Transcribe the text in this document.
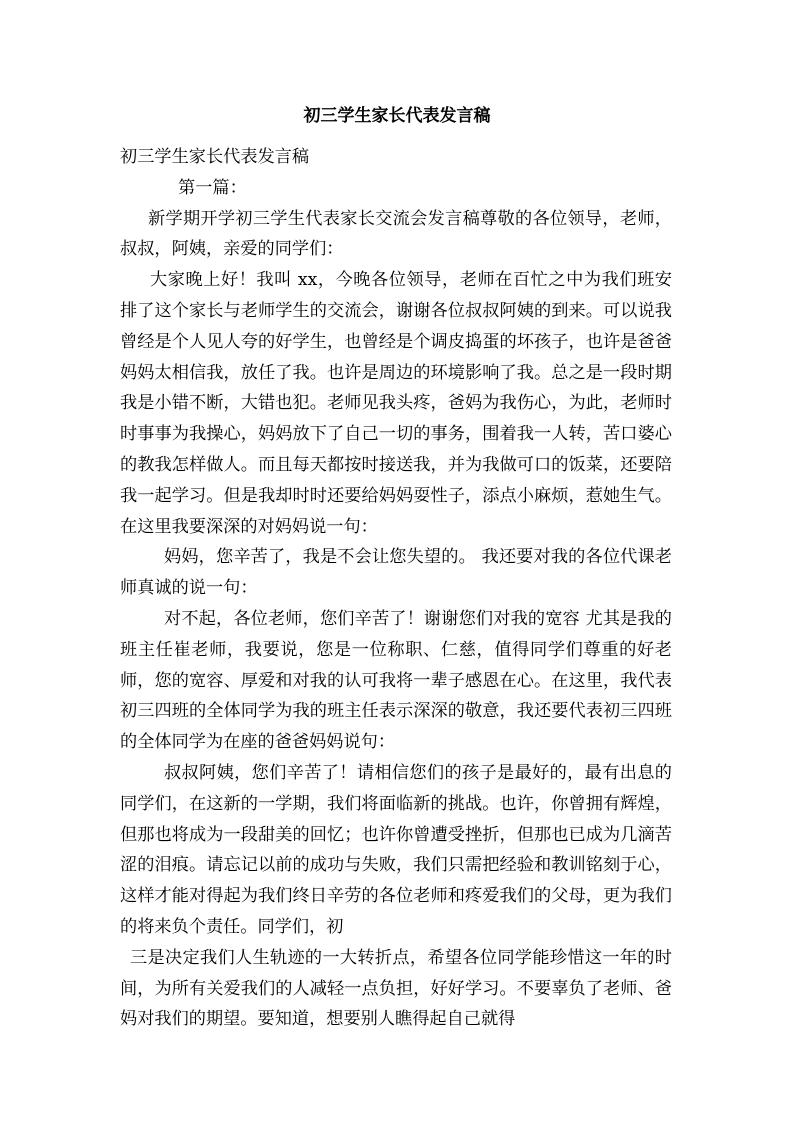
初三学生家长代表发言稿

初三学生家长代表发言稿

第一篇：

新学期开学初三学生代表家长交流会发言稿尊敬的各位领导，老师，叔叔，阿姨，亲爱的同学们：

大家晚上好！我叫 xx，今晚各位领导，老师在百忙之中为我们班安排了这个家长与老师学生的交流会，谢谢各位叔叔阿姨的到来。可以说我曾经是个人见人夸的好学生，也曾经是个调皮捣蛋的坏孩子，也许是爸爸妈妈太相信我，放任了我。也许是周边的环境影响了我。总之是一段时期我是小错不断，大错也犯。老师见我头疼，爸妈为我伤心，为此，老师时时事事为我操心，妈妈放下了自己一切的事务，围着我一人转，苦口婆心的教我怎样做人。而且每天都按时接送我，并为我做可口的饭菜，还要陪我一起学习。但是我却时时还要给妈妈耍性子，添点小麻烦，惹她生气。在这里我要深深的对妈妈说一句：

妈妈，您辛苦了，我是不会让您失望的。 我还要对我的各位代课老师真诚的说一句：

对不起，各位老师，您们辛苦了！谢谢您们对我的宽容 尤其是我的班主任崔老师，我要说，您是一位称职、仁慈，值得同学们尊重的好老师，您的宽容、厚爱和对我的认可我将一辈子感恩在心。在这里，我代表初三四班的全体同学为我的班主任表示深深的敬意，我还要代表初三四班的全体同学为在座的爸爸妈妈说句：

叔叔阿姨，您们辛苦了！请相信您们的孩子是最好的，最有出息的 同学们，在这新的一学期，我们将面临新的挑战。也许，你曾拥有辉煌，但那也将成为一段甜美的回忆；也许你曾遭受挫折，但那也已成为几滴苦涩的泪痕。请忘记以前的成功与失败，我们只需把经验和教训铭刻于心，这样才能对得起为我们终日辛劳的各位老师和疼爱我们的父母，更为我们的将来负个责任。同学们，初

三是决定我们人生轨迹的一大转折点，希望各位同学能珍惜这一年的时间，为所有关爱我们的人减轻一点负担，好好学习。不要辜负了老师、爸妈对我们的期望。要知道，想要别人瞧得起自己就得
